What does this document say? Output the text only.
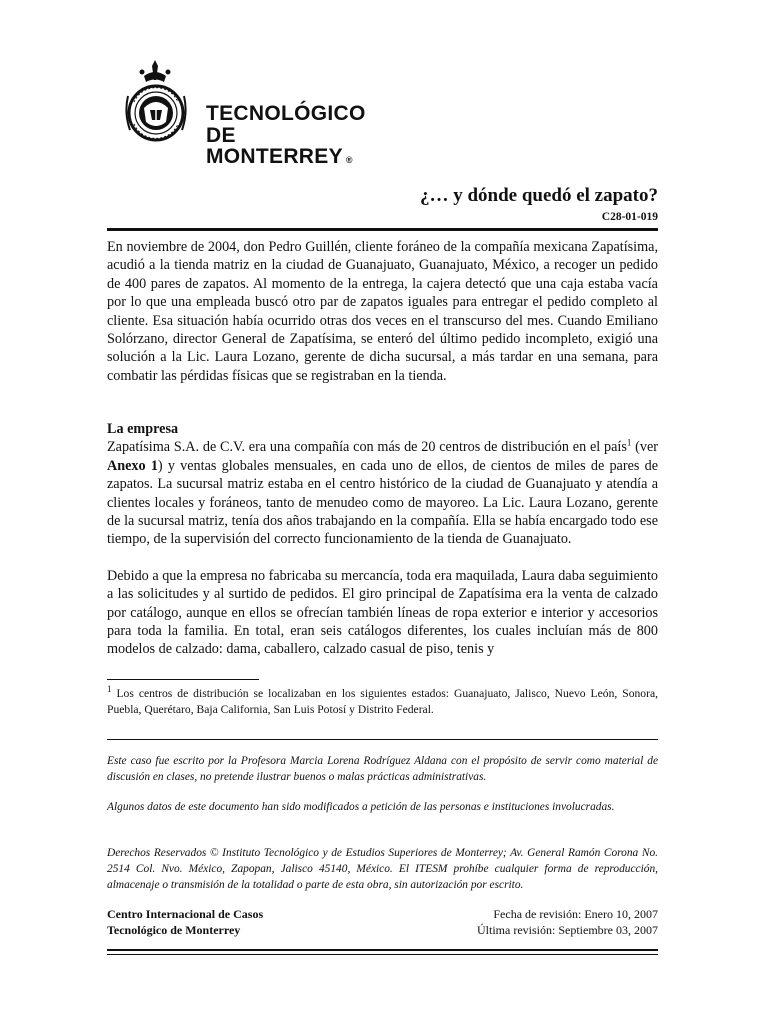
TECNOLÓGICO
DE MONTERREY ®
¿… y dónde quedó el zapato?
C28-01-019

En noviembre de 2004, don Pedro Guillén, cliente foráneo de la compañía mexicana Zapatísima, acudió a la tienda matriz en la ciudad de Guanajuato, Guanajuato, México, a recoger un pedido de 400 pares de zapatos. Al momento de la entrega, la cajera detectó que una caja estaba vacía por lo que una empleada buscó otro par de zapatos iguales para entregar el pedido completo al cliente. Esa situación había ocurrido otras dos veces en el transcurso del mes. Cuando Emiliano Solórzano, director General de Zapatísima, se enteró del último pedido incompleto, exigió una solución a la Lic. Laura Lozano, gerente de dicha sucursal, a más tardar en una semana, para combatir las pérdidas físicas que se registraban en la tienda.

La empresa

Zapatísima S.A. de C.V. era una compañía con más de 20 centros de distribución en el país$^1$ (ver Anexo 1) y ventas globales mensuales, en cada uno de ellos, de cientos de miles de pares de zapatos. La sucursal matriz estaba en el centro histórico de la ciudad de Guanajuato y atendía a clientes locales y foráneos, tanto de menudeo como de mayoreo. La Lic. Laura Lozano, gerente de la sucursal matriz, tenía dos años trabajando en la compañía. Ella se había encargado todo ese tiempo, de la supervisión del correcto funcionamiento de la tienda de Guanajuato.

Debido a que la empresa no fabricaba su mercancía, toda era maquilada, Laura daba seguimiento a las solicitudes y al surtido de pedidos. El giro principal de Zapatísima era la venta de calzado por catálogo, aunque en ellos se ofrecían también líneas de ropa exterior e interior y accesorios para toda la familia. En total, eran seis catálogos diferentes, los cuales incluían más de 800 modelos de calzado: dama, caballero, calzado casual de piso, tenis y

$^1$ Los centros de distribución se localizaban en los siguientes estados: Guanajuato, Jalisco, Nuevo León, Sonora, Puebla, Querétaro, Baja California, San Luis Potosí y Distrito Federal.
Este caso fue escrito por la Profesora Marcia Lorena Rodríguez Aldana con el propósito de servir como material de discusión en clases, no pretende ilustrar buenos o malas prácticas administrativas.
Algunos datos de este documento han sido modificados a petición de las personas e instituciones involucradas.
Derechos Reservados © Instituto Tecnológico y de Estudios Superiores de Monterrey; Av. General Ramón Corona No. 2514 Col. Nvo. México, Zapopan, Jalisco 45140, México. El ITESM prohíbe cualquier forma de reproducción, almacenaje o transmisión de la totalidad o parte de esta obra, sin autorización por escrito.
Centro Internacional de Casos
Tecnológico de Monterrey
Fecha de revisión: Enero 10, 2007
Última revisión: Septiembre 03, 2007
